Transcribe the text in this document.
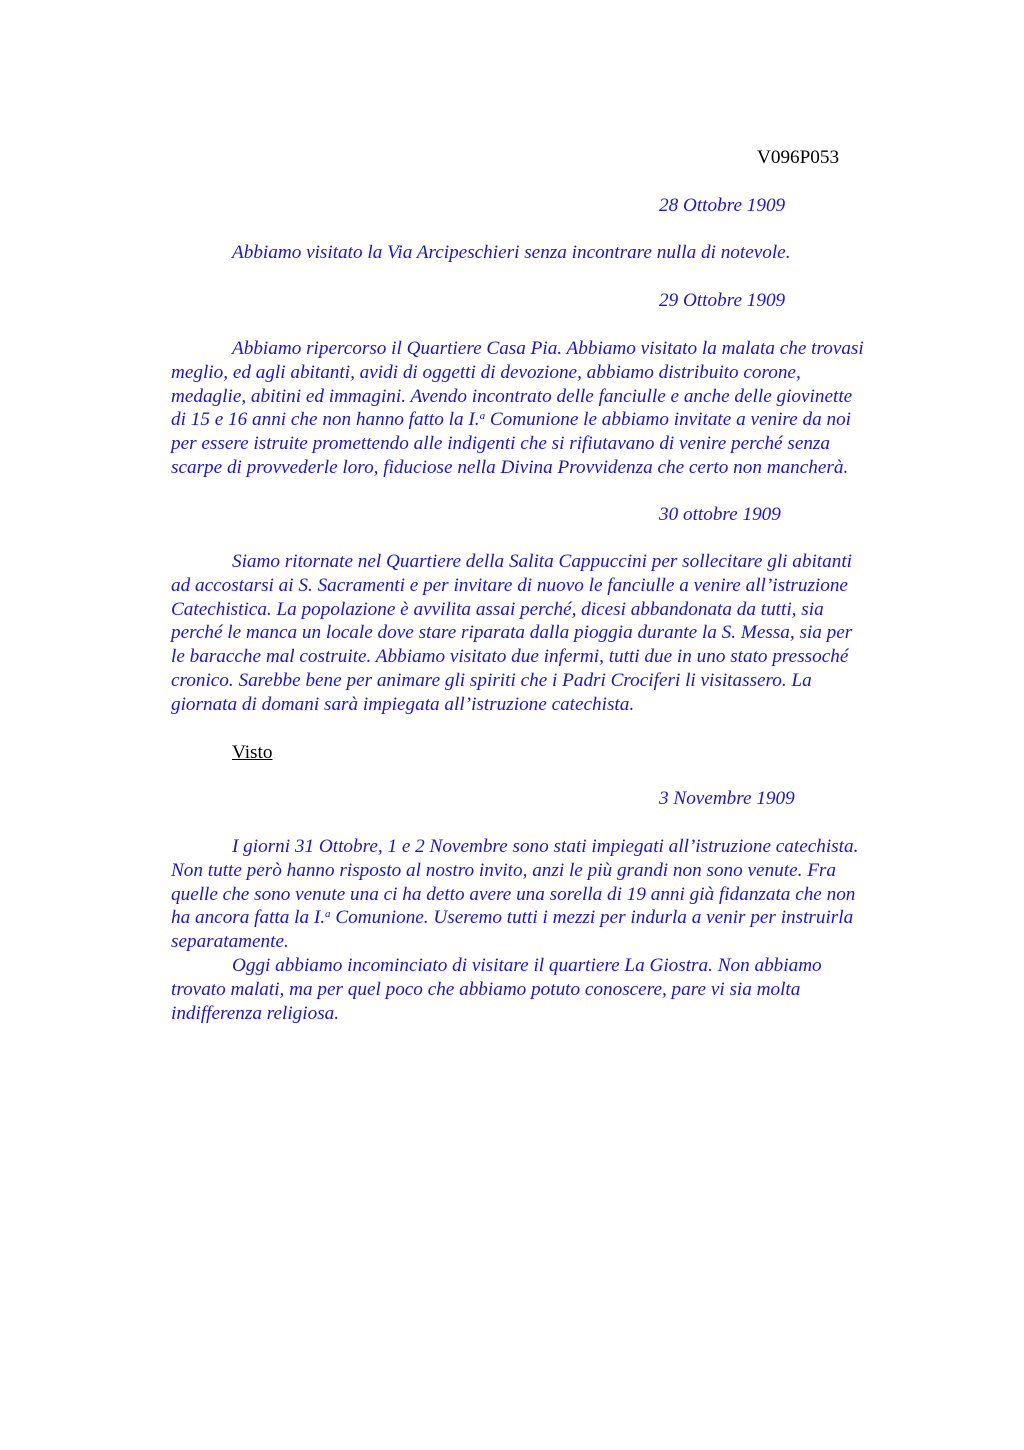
V096P053
28 Ottobre 1909

Abbiamo visitato la Via Arcipeschieri senza incontrare nulla di notevole.

29 Ottobre 1909

Abbiamo ripercorso il Quartiere Casa Pia. Abbiamo visitato la malata che trovasi
meglio, ed agli abitanti, avidi di oggetti di devozione, abbiamo distribuito corone,
medaglie, abitini ed immagini. Avendo incontrato delle fanciulle e anche delle giovinette
di 15 e 16 anni che non hanno fatto la I.$^a$ Comunione le abbiamo invitate a venire da noi
per essere istruite promettendo alle indigenti che si rifiutavano di venire perché senza
scarpe di provvederle loro, fiduciose nella Divina Provvidenza che certo non mancherà.

30 ottobre 1909

Siamo ritornate nel Quartiere della Salita Cappuccini per sollecitare gli abitanti
ad accostarsi ai S. Sacramenti e per invitare di nuovo le fanciulle a venire all’istruzione
Catechistica. La popolazione è avvilita assai perché, dicesi abbandonata da tutti, sia
perché le manca un locale dove stare riparata dalla pioggia durante la S. Messa, sia per
le baracche mal costruite. Abbiamo visitato due infermi, tutti due in uno stato pressoché
cronico. Sarebbe bene per animare gli spiriti che i Padri Crociferi li visitassero. La
giornata di domani sarà impiegata all’istruzione catechista.

Visto
3 Novembre 1909

I giorni 31 Ottobre, 1 e 2 Novembre sono stati impiegati all’istruzione catechista.
Non tutte però hanno risposto al nostro invito, anzi le più grandi non sono venute. Fra
quelle che sono venute una ci ha detto avere una sorella di 19 anni già fidanzata che non
ha ancora fatta la I.$^a$ Comunione. Useremo tutti i mezzi per indurla a venir per instruirla
separatamente.
Oggi abbiamo incominciato di visitare il quartiere La Giostra. Non abbiamo
trovato malati, ma per quel poco che abbiamo potuto conoscere, pare vi sia molta
indifferenza religiosa.
